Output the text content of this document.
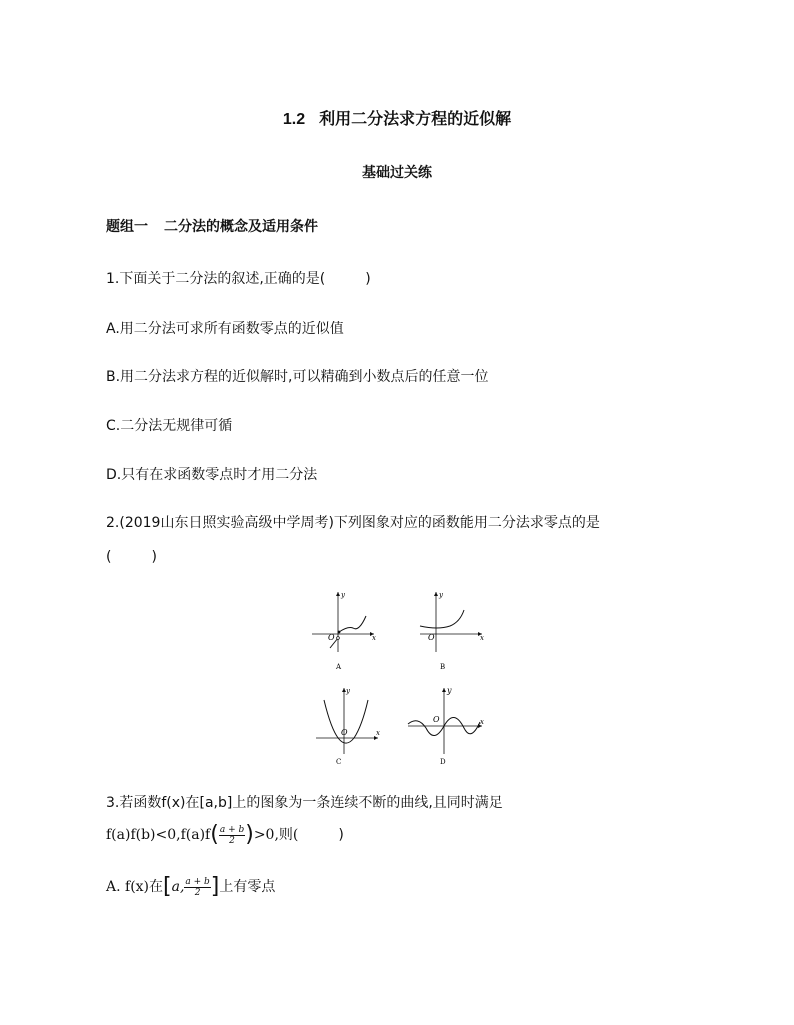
1.2 利用二分法求方程的近似解
基础过关练
题组一 二分法的概念及适用条件
1.下面关于二分法的叙述,正确的是(	)
A.用二分法可求所有函数零点的近似值
B.用二分法求方程的近似解时,可以精确到小数点后的任意一位
C.二分法无规律可循
D.只有在求函数零点时才用二分法
2.(2019山东日照实验高级中学周考)下列图象对应的函数能用二分法求零点的是
(	)
x
y
O
A
x
y
O
B
x
y
O
C
x
y
O
D
3.若函数f(x)在[a,b]上的图象为一条连续不断的曲线,且同时满足
$f(a)f(b)<0,f(a)f( \frac{a + b}{2} )>0$,则(	)
A. f(x)在[a, $\frac{a + b}{2}$ ]上有零点
